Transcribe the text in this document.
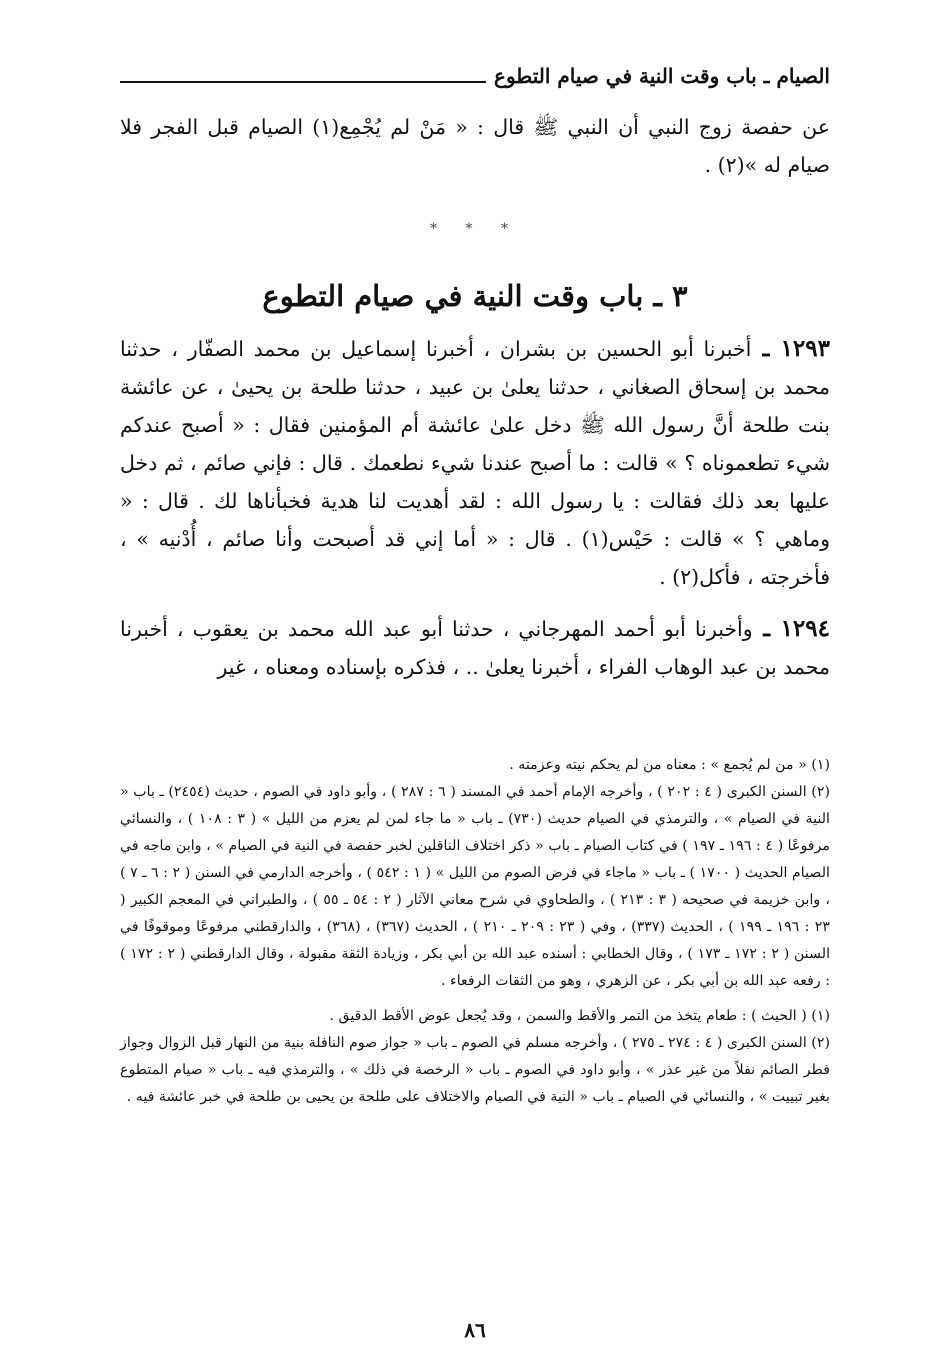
الصيام ـ باب وقت النية في صيام التطوع

عن حفصة زوج النبي أن النبي ﷺ قال : « مَنْ لم يُجْمِع(١) الصيام قبل الفجر فلا صيام له »(٢) .

* * *
٣ ـ باب وقت النية في صيام التطوع

١٢٩٣ ـ أخبرنا أبو الحسين بن بشران ، أخبرنا إسماعيل بن محمد الصفّار ، حدثنا محمد بن إسحاق الصغاني ، حدثنا يعلىٰ بن عبيد ، حدثنا طلحة بن يحيىٰ ، عن عائشة بنت طلحة أنَّ رسول الله ﷺ دخل علىٰ عائشة أم المؤمنين فقال : « أصبح عندكم شيء تطعموناه ؟ » قالت : ما أصبح عندنا شيء نطعمك . قال : فإني صائم ، ثم دخل عليها بعد ذلك فقالت : يا رسول الله : لقد أهديت لنا هدية فخبأناها لك . قال : « وماهي ؟ » قالت : حَيْس(١) . قال : « أما إني قد أصبحت وأنا صائم ، أُدْنيه » ، فأخرجته ، فأكل(٢) .

١٢٩٤ ـ وأخبرنا أبو أحمد المهرجاني ، حدثنا أبو عبد الله محمد بن يعقوب ، أخبرنا محمد بن عبد الوهاب الفراء ، أخبرنا يعلىٰ .. ، فذكره بإسناده ومعناه ، غير

(١) « من لم يُجمع » : معناه من لم يحكم نيته وعزمته .

(٢) السنن الكبرى ( ٤ : ٢٠٢ ) ، وأخرجه الإمام أحمد في المسند ( ٦ : ٢٨٧ ) ، وأبو داود في الصوم ، حديث (٢٤٥٤) ـ باب « النية في الصيام » ، والترمذي في الصيام حديث (٧٣٠) ـ باب « ما جاء لمن لم يعزم من الليل » ( ٣ : ١٠٨ ) ، والنسائي مرفوعًا ( ٤ : ١٩٦ ـ ١٩٧ ) في كتاب الصيام ـ باب « ذكر اختلاف الناقلين لخبر حفصة في النية في الصيام » ، وابن ماجه في الصيام الحديث ( ١٧٠٠ ) ـ باب « ماجاء في فرض الصوم من الليل » ( ١ : ٥٤٢ ) ، وأخرجه الدارمي في السنن ( ٢ : ٦ ـ ٧ ) ، وابن خزيمة في صحيحه ( ٣ : ٢١٣ ) ، والطحاوي في شرح معاني الآثار ( ٢ : ٥٤ ـ ٥٥ ) ، والطبراني في المعجم الكبير ( ٢٣ : ١٩٦ ـ ١٩٩ ) ، الحديث (٣٣٧) ، وفي ( ٢٣ : ٢٠٩ ـ ٢١٠ ) ، الحديث (٣٦٧) ، (٣٦٨) ، والدارقطني مرفوعًا وموقوفًا في السنن ( ٢ : ١٧٢ ـ ١٧٣ ) ، وقال الخطابي : أسنده عبد الله بن أبي بكر ، وزيادة الثقة مقبولة ، وقال الدارقطني ( ٢ : ١٧٢ ) : رفعه عبد الله بن أبي بكر ، عن الزهري ، وهو من الثقات الرفعاء .

(١) ( الحيث ) : طعام يتخذ من التمر والأقط والسمن ، وقد يُجعل عوض الأقط الدقيق .

(٢) السنن الكبرى ( ٤ : ٢٧٤ ـ ٢٧٥ ) ، وأخرجه مسلم في الصوم ـ باب « جواز صوم النافلة بنية من النهار قبل الزوال وجواز فطر الصائم نفلاً من غير عذر » ، وأبو داود في الصوم ـ باب « الرخصة في ذلك » ، والترمذي فيه ـ باب « صيام المتطوع بغير تبييت » ، والنسائي في الصيام ـ باب « النية في الصيام والاختلاف على طلحة بن يحيى بن طلحة في خبر عائشة فيه .

٨٦
